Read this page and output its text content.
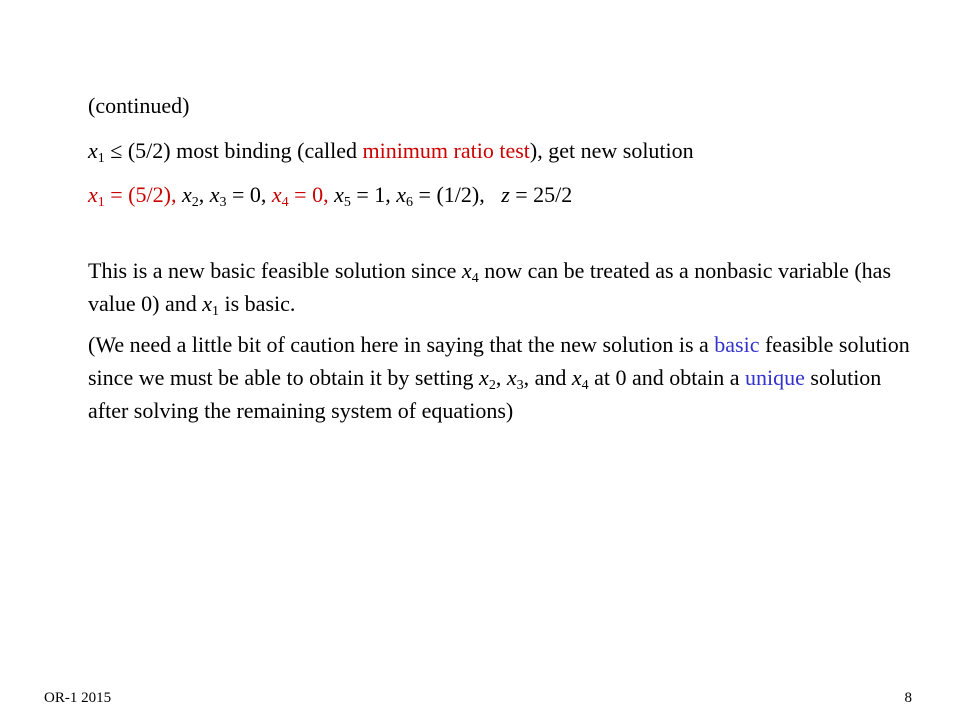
(continued)
$x_1 \le (5/2)$ most binding (called minimum ratio test), get new solution
$x_1 = (5/2)$, $x_2$, $x_3 = 0$, $x_4 = 0$, $x_5 = 1$, $x_6 = (1/2)$, z = 25/2
This is a new basic feasible solution since $x_4$ now can be treated as a nonbasic variable (has value 0) and $x_1$ is basic.
(We need a little bit of caution here in saying that the new solution is a basic feasible solution since we must be able to obtain it by setting $x_2$, $x_3$, and $x_4$ at 0 and obtain a unique solution after solving the remaining system of equations)
OR-1 2015	8
